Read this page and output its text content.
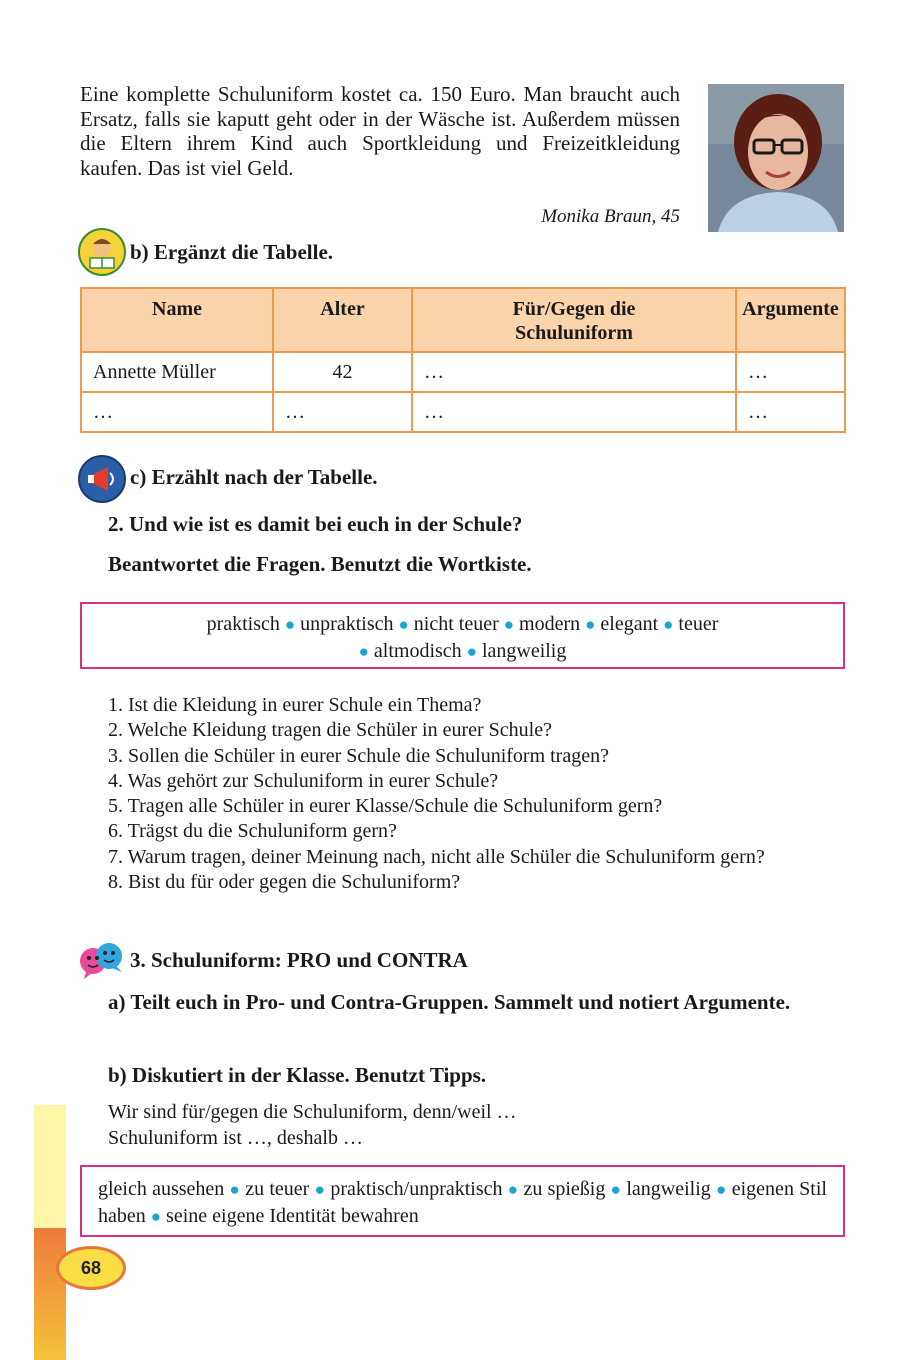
Eine komplette Schuluniform kostet ca. 150 Euro. Man braucht auch Ersatz, falls sie kaputt geht oder in der Wäsche ist. Außerdem müssen die Eltern ihrem Kind auch Sportkleidung und Freizeitkleidung kaufen. Das ist viel Geld.
Monika Braun, 45
b) Ergänzt die Tabelle.
Name	Alter	Für/Gegen die Schuluniform	Argumente
Annette Müller	42	…	…
…	…	…	…
c) Erzählt nach der Tabelle.
2. Und wie ist es damit bei euch in der Schule?
Beantwortet die Fragen. Benutzt die Wortkiste.
praktisch ● unpraktisch ● nicht teuer ● modern ● elegant ● teuer
● altmodisch ● langweilig
1. Ist die Kleidung in eurer Schule ein Thema?
2. Welche Kleidung tragen die Schüler in eurer Schule?
3. Sollen die Schüler in eurer Schule die Schuluniform tragen?
4. Was gehört zur Schuluniform in eurer Schule?
5. Tragen alle Schüler in eurer Klasse/Schule die Schuluniform gern?
6. Trägst du die Schuluniform gern?
7. Warum tragen, deiner Meinung nach, nicht alle Schüler die Schuluniform gern?
8. Bist du für oder gegen die Schuluniform?
3. Schuluniform: PRO und CONTRA
a) Teilt euch in Pro- und Contra-Gruppen. Sammelt und notiert Argumente.
b) Diskutiert in der Klasse. Benutzt Tipps.
Wir sind für/gegen die Schuluniform, denn/weil …
Schuluniform ist …, deshalb …
gleich aussehen ● zu teuer ● praktisch/unpraktisch ● zu spießig ● langweilig ● eigenen Stil haben ● seine eigene Identität bewahren
68
